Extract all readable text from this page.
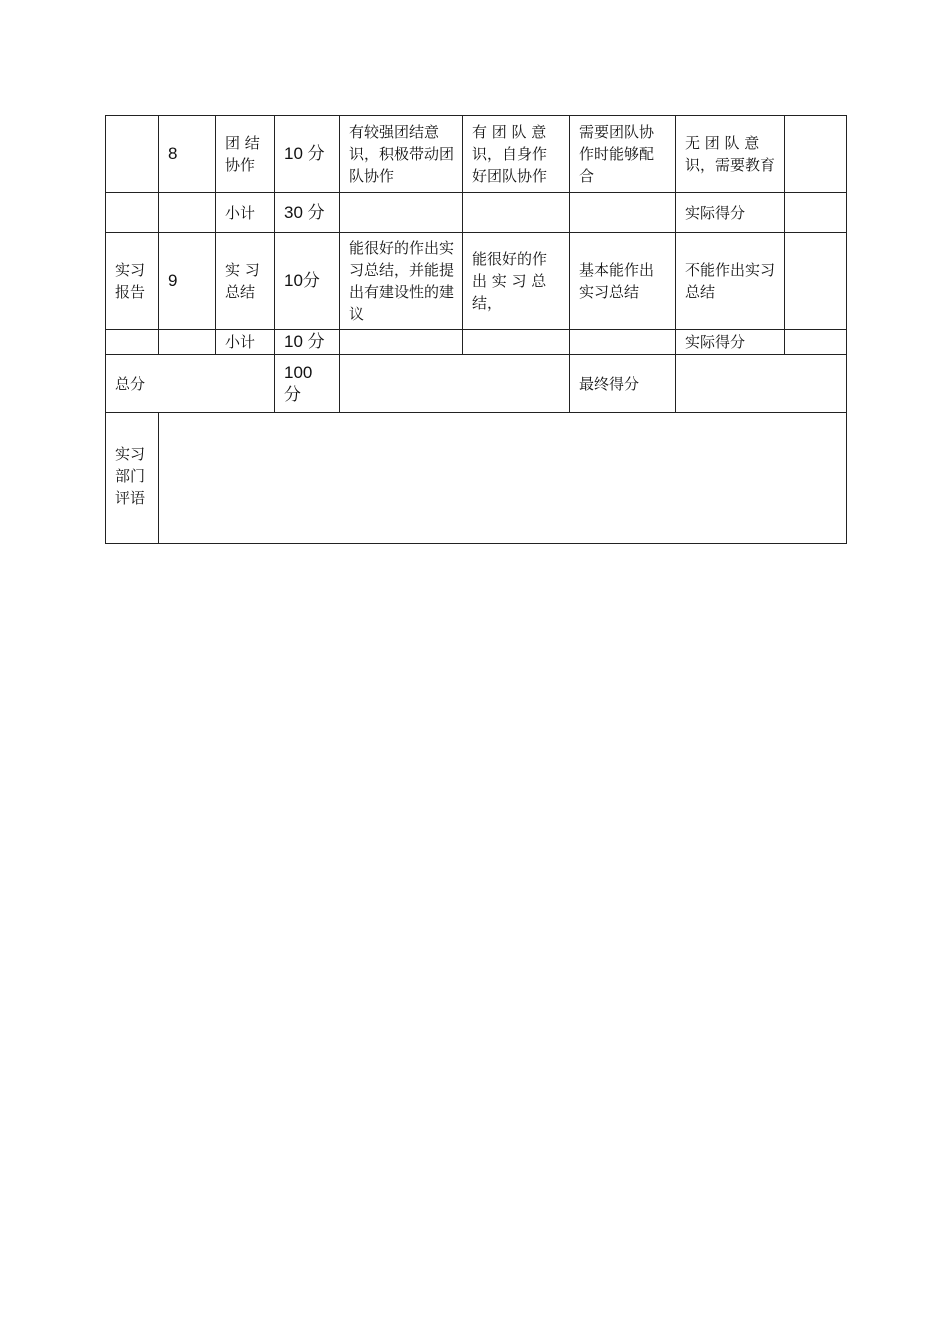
	8	团 结 协作	10 分	有较强团结意识，积极带动团队协作	有 团 队 意识，自身作好团队协作	需要团队协作时能够配合	无 团 队 意识，需要教育	
		小计	30 分				实际得分	
实习报告	9	实 习 总结	10分	能很好的作出实习总结，并能提出有建设性的建议	能很好的作出 实 习 总结，	基本能作出实习总结	不能作出实习总结	
		小计	10 分				实际得分	
总分			100 分			最终得分		
实习部门评语								
